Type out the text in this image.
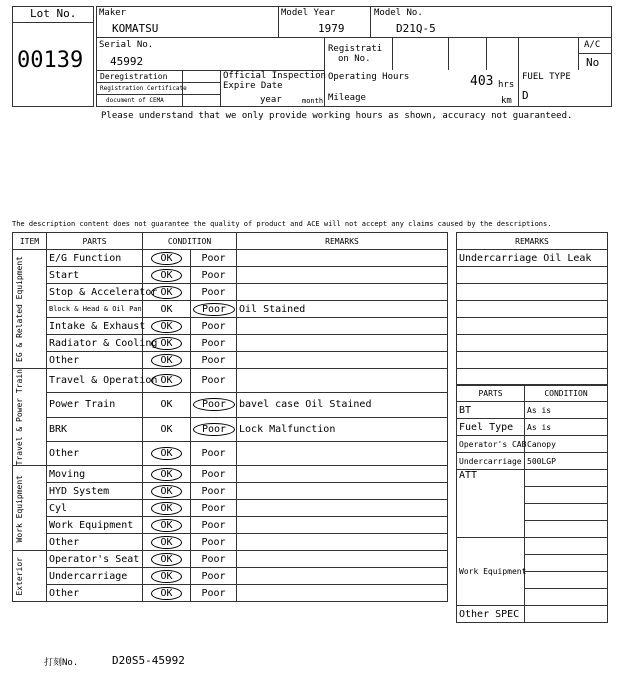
Lot No.
00139
Maker
KOMATSU
Model Year
1979
Model No.
D21Q-5
Serial No.
45992
Registrati
on No.
A/C
No
Deregistration
Registration Certificate
document of CEMA
Official Inspection
Expire Date
year	month
Operating Hours	403 hrs
Mileage	km
FUEL TYPE
D
Please understand that we only provide working hours as shown, accuracy not guaranteed.
The description content does not guarantee the quality of product and ACE will not accept any claims caused by the descriptions.
ITEM	PARTS	CONDITION		REMARKS

EG & Related Equipment	E/G Function	OK	Poor	
	Start	OK	Poor	
	Stop & Accelerator	OK	Poor	
	Block & Head & Oil Pan	OK	Poor	Oil Stained
	Intake & Exhaust	OK	Poor	
	Radiator & Cooling	OK	Poor	
	Other	OK	Poor	

Travel & Power Train	Travel & Operation	OK	Poor	
	Power Train	OK	Poor	bavel case Oil Stained
	BRK	OK	Poor	Lock Malfunction
	Other	OK	Poor	

Work Equipment	Moving	OK	Poor	
	HYD System	OK	Poor	
	Cyl	OK	Poor	
	Work Equipment	OK	Poor	
	Other	OK	Poor	

Exterior	Operator's Seat	OK	Poor	
	Undercarriage	OK	Poor	
	Other	OK	Poor	
REMARKS
Undercarriage Oil Leak

PARTS	CONDITION
BT	As is
Fuel Type	As is
Operator's CAB	Canopy
Undercarriage	500LGP
ATT	

Work Equipment	

Other SPEC	
打刻No.	D20S5-45992
